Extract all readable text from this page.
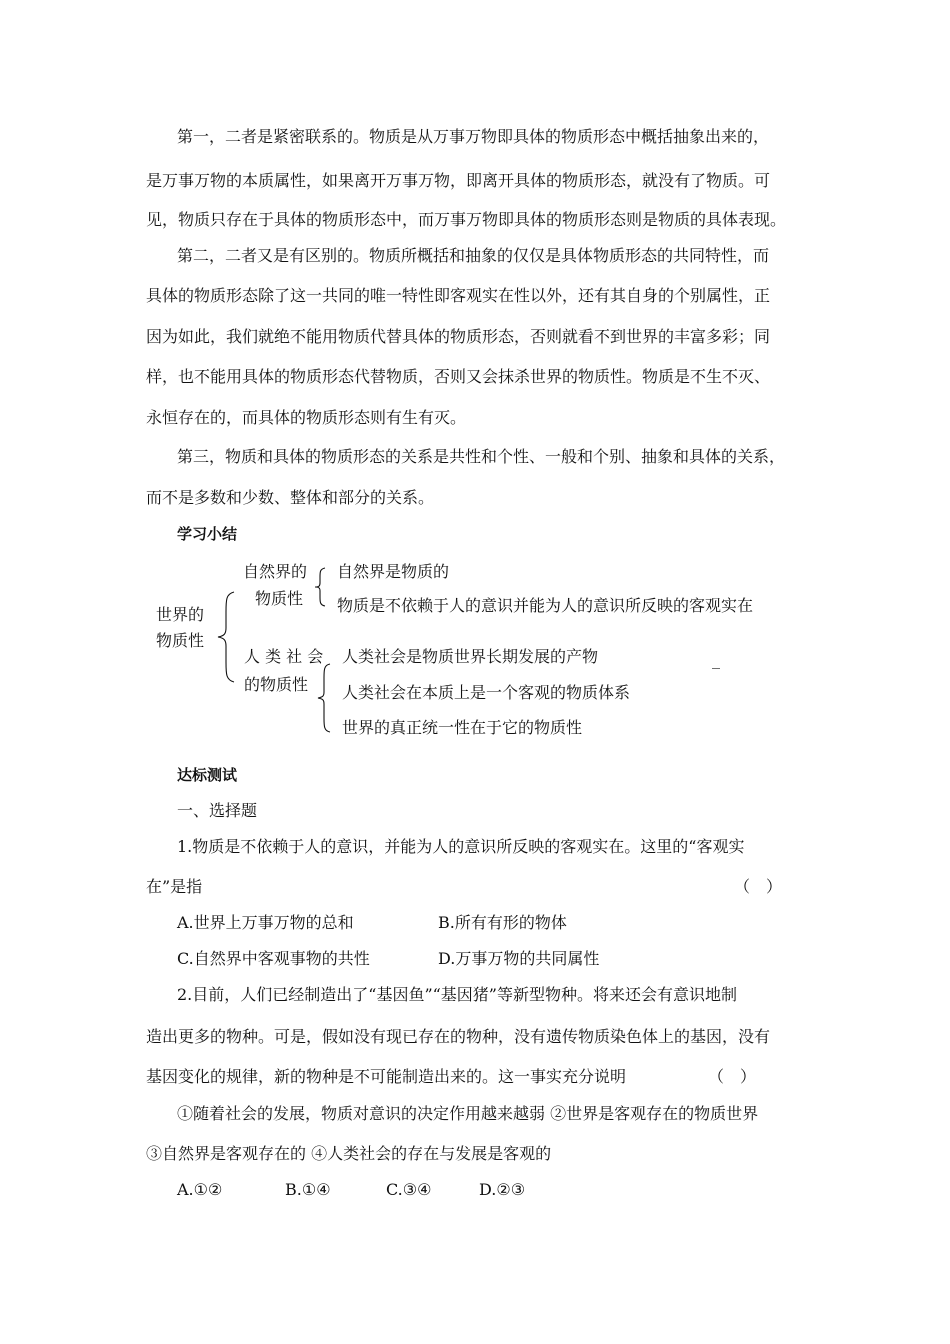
第一，二者是紧密联系的。物质是从万事万物即具体的物质形态中概括抽象出来的，
是万事万物的本质属性，如果离开万事万物，即离开具体的物质形态，就没有了物质。可
见，物质只存在于具体的物质形态中，而万事万物即具体的物质形态则是物质的具体表现。
第二，二者又是有区别的。物质所概括和抽象的仅仅是具体物质形态的共同特性，而
具体的物质形态除了这一共同的唯一特性即客观实在性以外，还有其自身的个别属性，正
因为如此，我们就绝不能用物质代替具体的物质形态，否则就看不到世界的丰富多彩；同
样，也不能用具体的物质形态代替物质，否则又会抹杀世界的物质性。物质是不生不灭、
永恒存在的，而具体的物质形态则有生有灭。
第三，物质和具体的物质形态的关系是共性和个性、一般和个别、抽象和具体的关系，
而不是多数和少数、整体和部分的关系。
学习小结
世界的
物质性
自然界的
物质性
自然界是物质的
物质是不依赖于人的意识并能为人的意识所反映的客观实在
人 类 社 会
的物质性
人类社会是物质世界长期发展的产物
人类社会在本质上是一个客观的物质体系
世界的真正统一性在于它的物质性
_
达标测试
一、选择题
1.物质是不依赖于人的意识，并能为人的意识所反映的客观实在。这里的“客观实
在”是指	（　）
A.世界上万事万物的总和	B.所有有形的物体
C.自然界中客观事物的共性	D.万事万物的共同属性
2.目前，人们已经制造出了“基因鱼”“基因猪”等新型物种。将来还会有意识地制
造出更多的物种。可是，假如没有现已存在的物种，没有遗传物质染色体上的基因，没有
基因变化的规律，新的物种是不可能制造出来的。这一事实充分说明	（　）
①随着社会的发展，物质对意识的决定作用越来越弱 ②世界是客观存在的物质世界
③自然界是客观存在的 ④人类社会的存在与发展是客观的
A.①②	B.①④	C.③④	D.②③
